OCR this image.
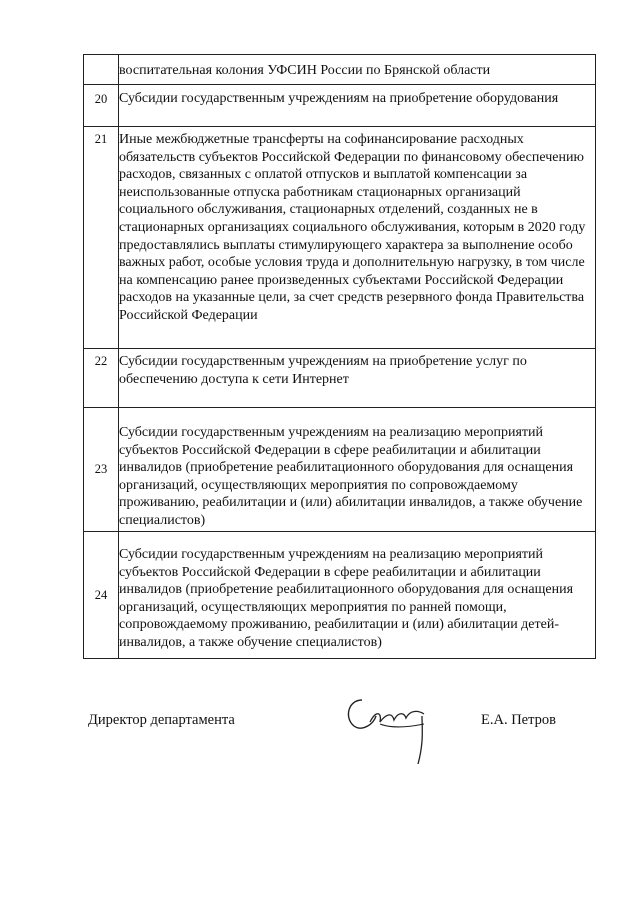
	воспитательная колония УФСИН России по Брянской области

20	Субсидии государственным учреждениям на приобретение оборудования

21	Иные межбюджетные трансферты на софинансирование расходных обязательств субъектов Российской Федерации по финансовому обеспечению расходов, связанных с оплатой отпусков и выплатой компенсации за неиспользованные отпуска работникам стационарных организаций социального обслуживания, стационарных отделений, созданных не в стационарных организациях социального обслуживания, которым в 2020 году предоставлялись выплаты стимулирующего характера за выполнение особо важных работ, особые условия труда и дополнительную нагрузку, в том числе на компенсацию ранее произведенных субъектами Российской Федерации расходов на указанные цели, за счет средств резервного фонда Правительства Российской Федерации

22	Субсидии государственным учреждениям на приобретение услуг по обеспечению доступа к сети Интернет

23	Субсидии государственным учреждениям на реализацию мероприятий субъектов Российской Федерации в сфере реабилитации и абилитации инвалидов (приобретение реабилитационного оборудования для оснащения организаций, осуществляющих мероприятия по сопровождаемому проживанию, реабилитации и (или) абилитации инвалидов, а также обучение специалистов)

24	Субсидии государственным учреждениям на реализацию мероприятий субъектов Российской Федерации в сфере реабилитации и абилитации инвалидов (приобретение реабилитационного оборудования для оснащения организаций, осуществляющих мероприятия по ранней помощи, сопровождаемому проживанию, реабилитации и (или) абилитации детей-инвалидов, а также обучение специалистов)

Директор департамента	Е.А. Петров
